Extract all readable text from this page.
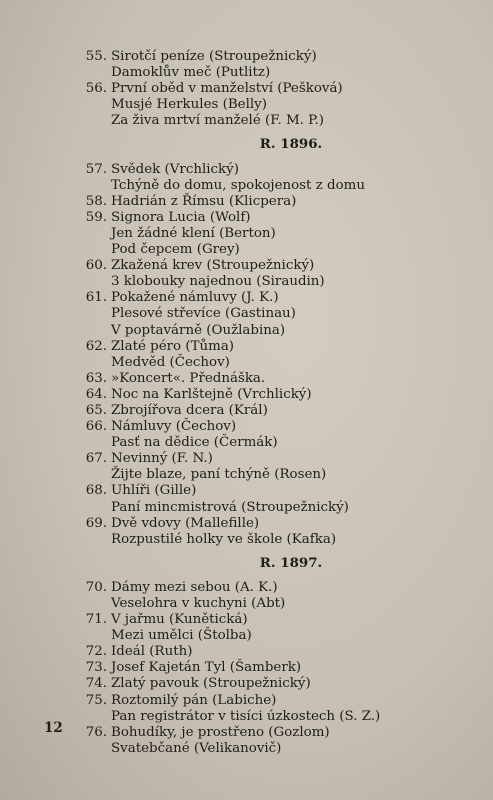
55. Sirotčí peníze (Stroupežnický)
Damoklův meč (Putlitz)
56. První oběd v manželství (Pešková)
Musjé Herkules (Belly)
Za živa mrtví manželé (F. M. P.)
R. 1896.
57. Svědek (Vrchlický)
Tchýně do domu, spokojenost z domu
58. Hadrián z Římsu (Klicpera)
59. Signora Lucia (Wolf)
Jen žádné klení (Berton)
Pod čepcem (Grey)
60. Zkažená krev (Stroupežnický)
3 klobouky najednou (Siraudin)
61. Pokažené námluvy (J. K.)
Plesové střevíce (Gastinau)
V poptavárně (Oužlabina)
62. Zlaté péro (Tůma)
Medvěd (Čechov)
63. »Koncert«. Přednáška.
64. Noc na Karlštejně (Vrchlický)
65. Zbrojířova dcera (Král)
66. Námluvy (Čechov)
Pasť na dědice (Čermák)
67. Nevinný (F. N.)
Žijte blaze, paní tchýně (Rosen)
68. Uhlíři (Gille)
Paní mincmistrová (Stroupežnický)
69. Dvě vdovy (Mallefille)
Rozpustilé holky ve škole (Kafka)
R. 1897.
70. Dámy mezi sebou (A. K.)
Veselohra v kuchyni (Abt)
71. V jařmu (Kunětická)
Mezi umělci (Štolba)
72. Ideál (Ruth)
73. Josef Kajetán Tyl (Šamberk)
74. Zlatý pavouk (Stroupežnický)
75. Roztomilý pán (Labiche)
Pan registrátor v tisíci úzkostech (S. Z.)
76. Bohudíky, je prostřeno (Gozlom)
Svatebčané (Velikanovič)
12
